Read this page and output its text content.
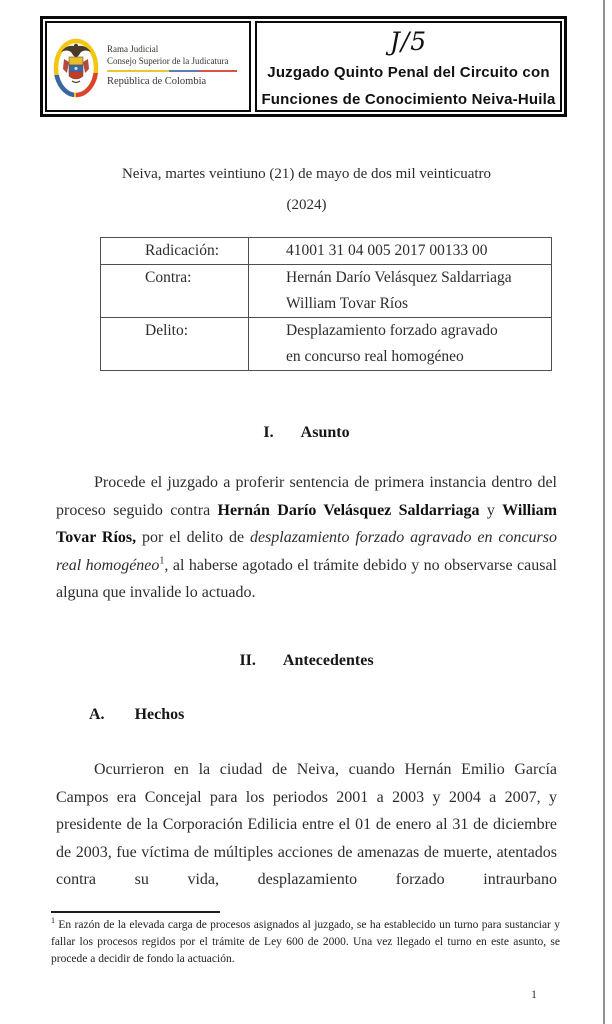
Rama Judicial
Consejo Superior de la Judicatura
República de Colombia
J/5
Juzgado Quinto Penal del Circuito con
Funciones de Conocimiento Neiva-Huila
Neiva, martes veintiuno (21) de mayo de dos mil veinticuatro
(2024)
Radicación:	41001 31 04 005 2017 00133 00
Contra:	Hernán Darío Velásquez Saldarriaga
William Tovar Ríos

Delito:	Desplazamiento forzado agravado
en concurso real homogéneo
I. Asunto

Procede el juzgado a proferir sentencia de primera instancia dentro del proceso seguido contra Hernán Darío Velásquez Saldarriaga y William Tovar Ríos, por el delito de desplazamiento forzado agravado en concurso real homogéneo$^1$, al haberse agotado el trámite debido y no observarse causal alguna que invalide lo actuado.

II. Antecedentes
A. Hechos

Ocurrieron en la ciudad de Neiva, cuando Hernán Emilio García Campos era Concejal para los periodos 2001 a 2003 y 2004 a 2007, y presidente de la Corporación Edilicia entre el 01 de enero al 31 de diciembre de 2003, fue víctima de múltiples acciones de amenazas de muerte, atentados contra su vida, desplazamiento forzado intraurbano

$^1$ En razón de la elevada carga de procesos asignados al juzgado, se ha establecido un turno para sustanciar y fallar los procesos regidos por el trámite de Ley 600 de 2000. Una vez llegado el turno en este asunto, se procede a decidir de fondo la actuación.
1
